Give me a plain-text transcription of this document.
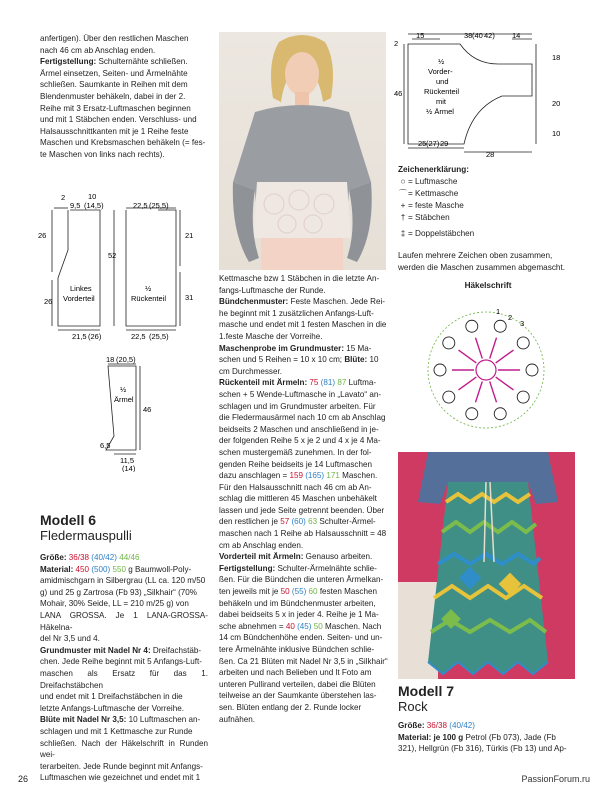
anfertigen). Über den restlichen Maschen
nach 46 cm ab Anschlag enden.
Fertigstellung: Schulternähte schließen.
Ärmel einsetzen, Seiten- und Ärmelnähte
schließen. Saumkante in Reihen mit dem
Blendenmuster behäkeln, dabei in der 2.
Reihe mit 3 Ersatz-Luftmaschen beginnen
und mit 1 Stäbchen enden. Verschluss- und
Halsausschnittkanten mit je 1 Reihe feste
Maschen und Krebsmaschen behäkeln (= fes-
te Maschen von links nach rechts).
2	10
9,5 (14,5)	22,5 (25,5)
26
26
21
31
52
Linkes
Vorderteil
½
Rückenteil
21,5 (26)	22,5 (25,5)
18 (20,5)
½
Ärmel
46
6,5
11,5
(14)
Modell 6
Fledermauspulli
Größe: 36/38 (40/42) 44/46
Material: 450 (500) 550 g Baumwoll-Poly-
amidmischgarn in Silbergrau (LL ca. 120 m/50
g) und 25 g Zartrosa (Fb 93) „Silkhair“ (70%
Mohair, 30% Seide, LL = 210 m/25 g) von
LANA GROSSA. Je 1 LANA-GROSSA-Häkelna-
del Nr 3,5 und 4.
Grundmuster mit Nadel Nr 4: Dreifachstäb-
chen. Jede Reihe beginnt mit 5 Anfangs-Luft-
maschen als Ersatz für das 1. Dreifachstäbchen
und endet mit 1 Dreifachstäbchen in die
letzte Anfangs-Luftmasche der Vorreihe.
Blüte mit Nadel Nr 3,5: 10 Luftmaschen an-
schlagen und mit 1 Kettmasche zur Runde
schließen. Nach der Häkelschrift in Runden wei-
terarbeiten. Jede Runde beginnt mit Anfangs-
Luftmaschen wie gezeichnet und endet mit 1
Kettmasche bzw 1 Stäbchen in die letzte An-
fangs-Luftmasche der Runde.
Bündchenmuster: Feste Maschen. Jede Rei-
he beginnt mit 1 zusätzlichen Anfangs-Luft-
masche und endet mit 1 festen Maschen in die
1.feste Masche der Vorreihe.
Maschenprobe im Grundmuster: 15 Ma-
schen und 5 Reihen = 10 x 10 cm; Blüte: 10
cm Durchmesser.
Rückenteil mit Ärmeln: 75 (81) 87 Luftma-
schen + 5 Wende-Luftmasche in „Lavato“ an-
schlagen und im Grundmuster arbeiten. Für
die Fledermausärmel nach 10 cm ab Anschlag
beidseits 2 Maschen und anschließend in je-
der folgenden Reihe 5 x je 2 und 4 x je 4 Ma-
schen mustergemäß zunehmen. In der fol-
genden Reihe beidseits je 14 Luftmaschen
dazu anschlagen = 159 (165) 171 Maschen.
Für den Halsausschnitt nach 46 cm ab An-
schlag die mittleren 45 Maschen unbehäkelt
lassen und jede Seite getrennt beenden. Über
den restlichen je 57 (60) 63 Schulter-Ärmel-
maschen nach 1 Reihe ab Halsausschnitt = 48
cm ab Anschlag enden.
Vorderteil mit Ärmeln: Genauso arbeiten.
Fertigstellung: Schulter-Ärmelnähte schlie-
ßen. Für die Bündchen die unteren Ärmelkan-
ten jeweils mit je 50 (55) 60 festen Maschen
behäkeln und im Bündchenmuster arbeiten,
dabei beidseits 5 x in jeder 4. Reihe je 1 Ma-
sche abnehmen = 40 (45) 50 Maschen. Nach
14 cm Bündchenhöhe enden. Seiten- und un-
tere Ärmelnähte inklusive Bündchen schlie-
ßen. Ca 21 Blüten mit Nadel Nr 3,5 in „Silkhair“
arbeiten und nach Belieben und lt Foto am
unteren Pullirand verteilen, dabei die Blüten
teilweise an der Saumkante überstehen las-
sen. Blüten entlang der 2. Runde locker
aufnähen.
15	38 (40 42) 14
2
46
18
20
10
½
Vorder-
und
Rückenteil
mit
½ Ärmel
25 (27) 29
28
Zeichenerklärung:
○ = Luftmasche
⌒= Kettmasche
+ = feste Masche
† = Stäbchen
‡ = Doppelstäbchen
Laufen mehrere Zeichen oben zusammen,
werden die Maschen zusammen abgemascht.
Häkelschrift
1
2
3
Modell 7
Rock
Größe: 36/38 (40/42)
Material: je 100 g Petrol (Fb 073), Jade (Fb
321), Hellgrün (Fb 316), Türkis (Fb 13) und Ap-
26	PassionForum.ru
